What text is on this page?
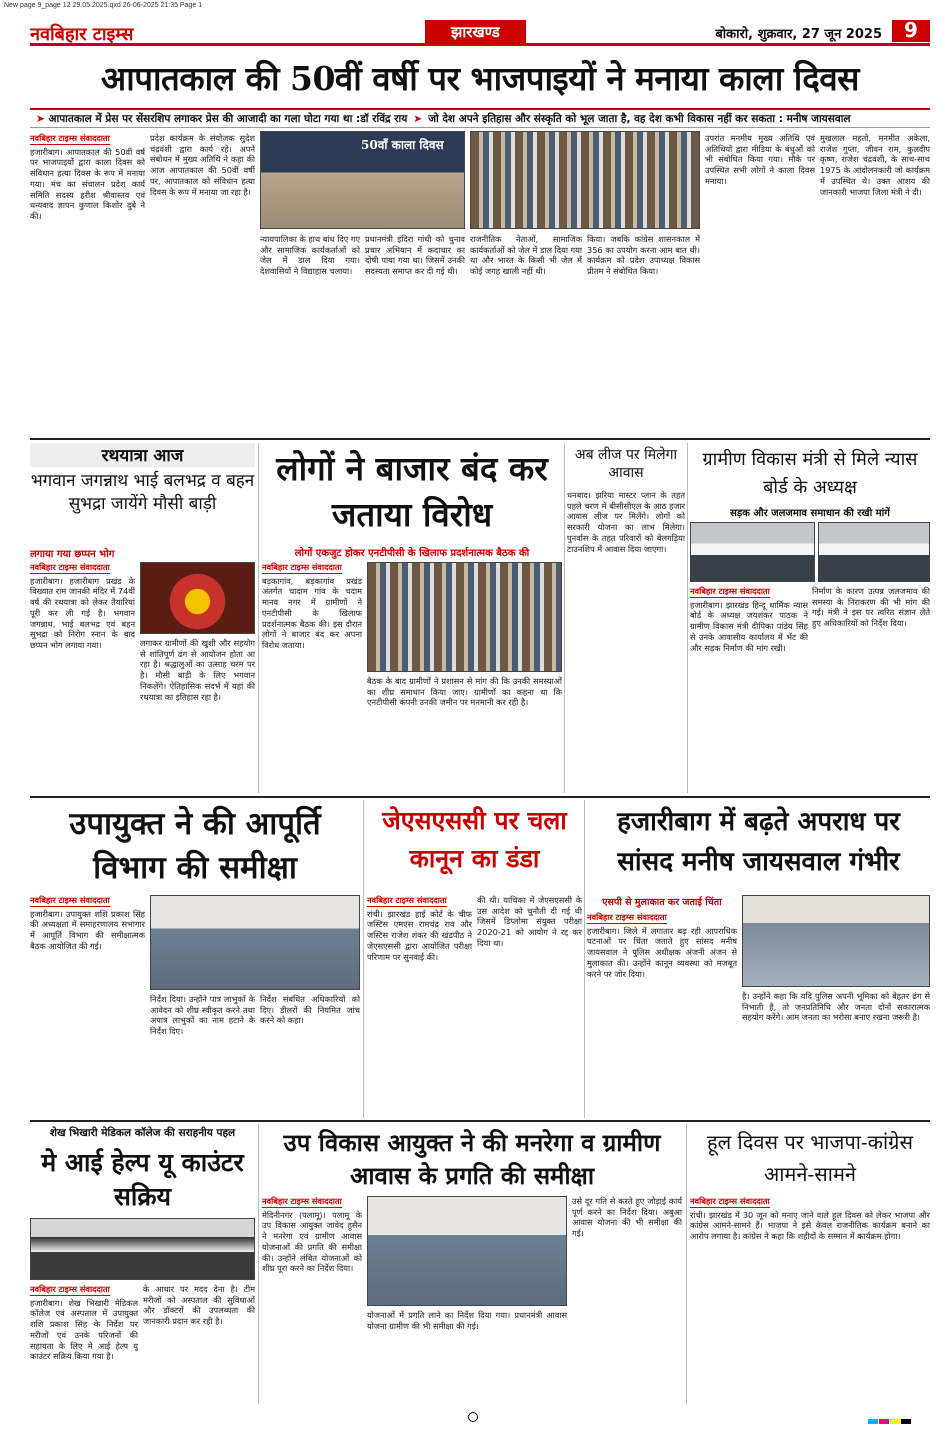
New page 9_page 12 29.05.2025.qxd 26-06-2025 21:35 Page 1
नवबिहार टाइम्स	झारखण्ड	बोकारो, शुक्रवार, 27 जून 2025	9
आपातकाल की 50वीं वर्षी पर भाजपाइयों ने मनाया काला दिवस
➤ आपातकाल में प्रेस पर सेंसरशिप लगाकर प्रेस की आजादी का गला घोटा गया था :डॉ रविंद्र राय ➤ जो देश अपने इतिहास और संस्कृति को भूल जाता है, वह देश कभी विकास नहीं कर सकता : मनीष जायसवाल
नवबिहार टाइम्स संवाददाता

हजारीबाग। आपातकाल की 50वीं वर्ष पर भाजपाइयों द्वारा काला दिवस को संविधान हत्या दिवस के रूप में मनाया गया। मंच का संचालन प्रदेश कार्य समिति सदस्य हरीश श्रीवास्तव एवं धन्यवाद ज्ञापन कुणाल किशोर दुबे ने की।

प्रदेश कार्यक्रम के संयोजक सुदेश चंद्रवंशी द्वारा कार्य रहे। अपने संबोधन में मुख्य अतिथि ने कहा की आज आपातकाल की 50वीं वर्षी पर, आपातकाल को संविधान हत्या दिवस के रूप में मनाया जा रहा है।

50वाँ काला दिवस	उपरांत मनमीय मुख्य अतिथि एवं अतिथियों द्वारा मीडिया के बंधुओं को भी संबोधित किया गया। मौके पर उपस्थित सभी लोगों ने काला दिवस मनाया।

मुखलाल महतो, मनमीत अकेला, राजेश गुप्ता, जीवन राम, कुलदीप कृष्ण, राजेश चंद्रवंशी, के साथ-साथ 1975 के आंदोलनकारी जो कार्यक्रम में उपस्थित थे। उक्त आशय की जानकारी भाजपा जिला मंत्री ने दी।

न्यायपालिका के हाथ बांध दिए गए और सामाजिक कार्यकर्ताओं को जेल में डाल दिया गया। देशवासियों ने विद्याहास चलाया।

प्रधानमंत्री इंदिरा गांधी को चुनाव प्रचार अभियान में कदाचार का दोषी पाया गया था। जिसमें उनकी सदस्यता समाप्त कर दी गई थी।

राजनीतिक नेताओं, सामाजिक कार्यकर्ताओं को जेल में डाल दिया गया था और भारत के किसी भी जेल में कोई जगह खाली नहीं थी।

किया। जबकि कांग्रेस शासनकाल में 356 का उपयोग करना आम बात थी। कार्यक्रम को प्रदेश उपाध्यक्ष विकास प्रीतम ने संबोधित किया।

रथयात्रा आज
भगवान जगन्नाथ भाई बलभद्र व बहन सुभद्रा जायेंगे मौसी बाड़ी
लगाया गया छप्पन भोग
नवबिहार टाइम्स संवाददाता

हजारीबाग। हजारीबाग प्रखंड के विख्यात राम जानकी मंदिर में 74वीं वर्ष की रथयात्रा को लेकर तैयारियां पूरी कर ली गई है। भगवान जगन्नाथ, भाई बलभद्र एवं बहन सुभद्रा को निरोग स्नान के बाद छप्पन भोग लगाया गया।	लगाकर ग्रामीणों की खुशी और सहयोग से शांतिपूर्ण ढंग से आयोजन होता आ रहा है। श्रद्धालुओं का उत्साह चरम पर है। मौसी बाड़ी के लिए भगवान निकलेंगे। ऐतिहासिक संदर्भ में यहां की रथयात्रा का इतिहास रहा है।

लोगों ने बाजार बंद कर जताया विरोध
लोगों एकजुट होकर एनटीपीसी के खिलाफ प्रदर्शनात्मक बैठक की
नवबिहार टाइम्स संवाददाता

बड़कागांव, बड़कागांव प्रखंड अंतर्गत चादाम गांव के चदाम मानव नगर में ग्रामीणों ने एनटीपीसी के खिलाफ प्रदर्शनात्मक बैठक की। इस दौरान लोगों ने बाजार बंद कर अपना विरोध जताया।

बैठक के बाद ग्रामीणों ने प्रशासन से मांग की कि उनकी समस्याओं का शीघ्र समाधान किया जाए। ग्रामीणों का कहना था कि एनटीपीसी कंपनी उनकी जमीन पर मनमानी कर रही है।

अब लीज पर मिलेगा आवास

धनबाद। झरिया मास्टर प्लान के तहत पहले चरण में बीसीसीएल के आठ हजार आवास लीज पर मिलेंगे। लोगों को सरकारी योजना का लाभ मिलेगा। पुनर्वास के तहत परिवारों को बेलगड़िया टाउनशिप में आवास दिया जाएगा।

ग्रामीण विकास मंत्री से मिले न्यास बोर्ड के अध्यक्ष
सड़क और जलजमाव समाधान की रखी मांगें
नवबिहार टाइम्स संवाददाता

हजारीबाग। झारखंड हिन्दू धार्मिक न्यास बोर्ड के अध्यक्ष जयशंकर पाठक ने ग्रामीण विकास मंत्री दीपिका पांडेय सिंह से उनके आवासीय कार्यालय में भेंट की और सड़क निर्माण की मांग रखी।

निर्माण के कारण उत्पन्न जलजमाव की समस्या के निराकरण की भी मांग की गई। मंत्री ने इस पर त्वरित संज्ञान लेते हुए अधिकारियों को निर्देश दिया।

उपायुक्त ने की आपूर्ति विभाग की समीक्षा
नवबिहार टाइम्स संवाददाता

हजारीबाग। उपायुक्त शशि प्रकाश सिंह की अध्यक्षता में समाहरणालय सभागार में आपूर्ति विभाग की समीक्षात्मक बैठक आयोजित की गई।

निर्देश दिया। उन्होंने पात्र लाभुकों के आवेदन को शीघ्र स्वीकृत करने तथा अपात्र लाभुकों का नाम हटाने के निर्देश दिए।

निर्देश संबंधित अधिकारियों को दिए। डीलरों की नियमित जांच करने को कहा।

जेएसएससी पर चला कानून का डंडा
नवबिहार टाइम्स संवाददाता

रांची। झारखंड हाई कोर्ट के चीफ जस्टिस एमएस रामचंद्र राव और जस्टिस राजेश शंकर की खंडपीठ ने जेएसएससी द्वारा आयोजित परीक्षा परिणाम पर सुनवाई की।

की थी। याचिका में जेएसएससी के उस आदेश को चुनौती दी गई थी जिसमें डिप्लोमा संयुक्त परीक्षा 2020-21 को आयोग ने रद्द कर दिया था।

हजारीबाग में बढ़ते अपराध पर सांसद मनीष जायसवाल गंभीर
एसपी से मुलाकात कर जताई चिंता
नवबिहार टाइम्स संवाददाता

हजारीबाग। जिले में लगातार बढ़ रही आपराधिक घटनाओं पर चिंता जताते हुए सांसद मनीष जायसवाल ने पुलिस अधीक्षक अंजनी अंजन से मुलाकात की। उन्होंने कानून व्यवस्था को मजबूत करने पर जोर दिया।

है। उन्होंने कहा कि यदि पुलिस अपनी भूमिका को बेहतर ढंग से निभाती है, तो जनप्रतिनिधि और जनता दोनों सकारात्मक सहयोग करेंगे। आम जनता का भरोसा बनाए रखना जरूरी है।

शेख भिखारी मेडिकल कॉलेज की सराहनीय पहल
मे आई हेल्प यू काउंटर सक्रिय
नवबिहार टाइम्स संवाददाता

हजारीबाग। शेख भिखारी मेडिकल कॉलेज एवं अस्पताल में उपायुक्त शशि प्रकाश सिंह के निर्देश पर मरीजों एवं उनके परिजनों की सहायता के लिए मे आई हेल्प यू काउंटर सक्रिय किया गया है।

के आधार पर मदद देना है। टीम मरीजों को अस्पताल की सुविधाओं और डॉक्टरों की उपलब्धता की जानकारी प्रदान कर रही है।

उप विकास आयुक्त ने की मनरेगा व ग्रामीण आवास के प्रगति की समीक्षा
नवबिहार टाइम्स संवाददाता

मेदिनीनगर (पलामू)। पलामू के उप विकास आयुक्त जावेद हुसैन ने मनरेगा एवं ग्रामीण आवास योजनाओं की प्रगति की समीक्षा की। उन्होंने लंबित योजनाओं को शीघ्र पूरा करने का निर्देश दिया।

योजनाओं में प्रगति लाने का निर्देश दिया गया। प्रधानमंत्री आवास योजना ग्रामीण की भी समीक्षा की गई।

उसे दूर गति से करते हुए जोड़ाई कार्य पूर्ण करने का निर्देश दिया। अबुआ आवास योजना की भी समीक्षा की गई।

हूल दिवस पर भाजपा-कांग्रेस आमने-सामने
नवबिहार टाइम्स संवाददाता

रांची। झारखंड में 30 जून को मनाए जाने वाले हूल दिवस को लेकर भाजपा और कांग्रेस आमने-सामने हैं। भाजपा ने इसे केवल राजनीतिक कार्यक्रम बनाने का आरोप लगाया है। कांग्रेस ने कहा कि शहीदों के सम्मान में कार्यक्रम होगा।
